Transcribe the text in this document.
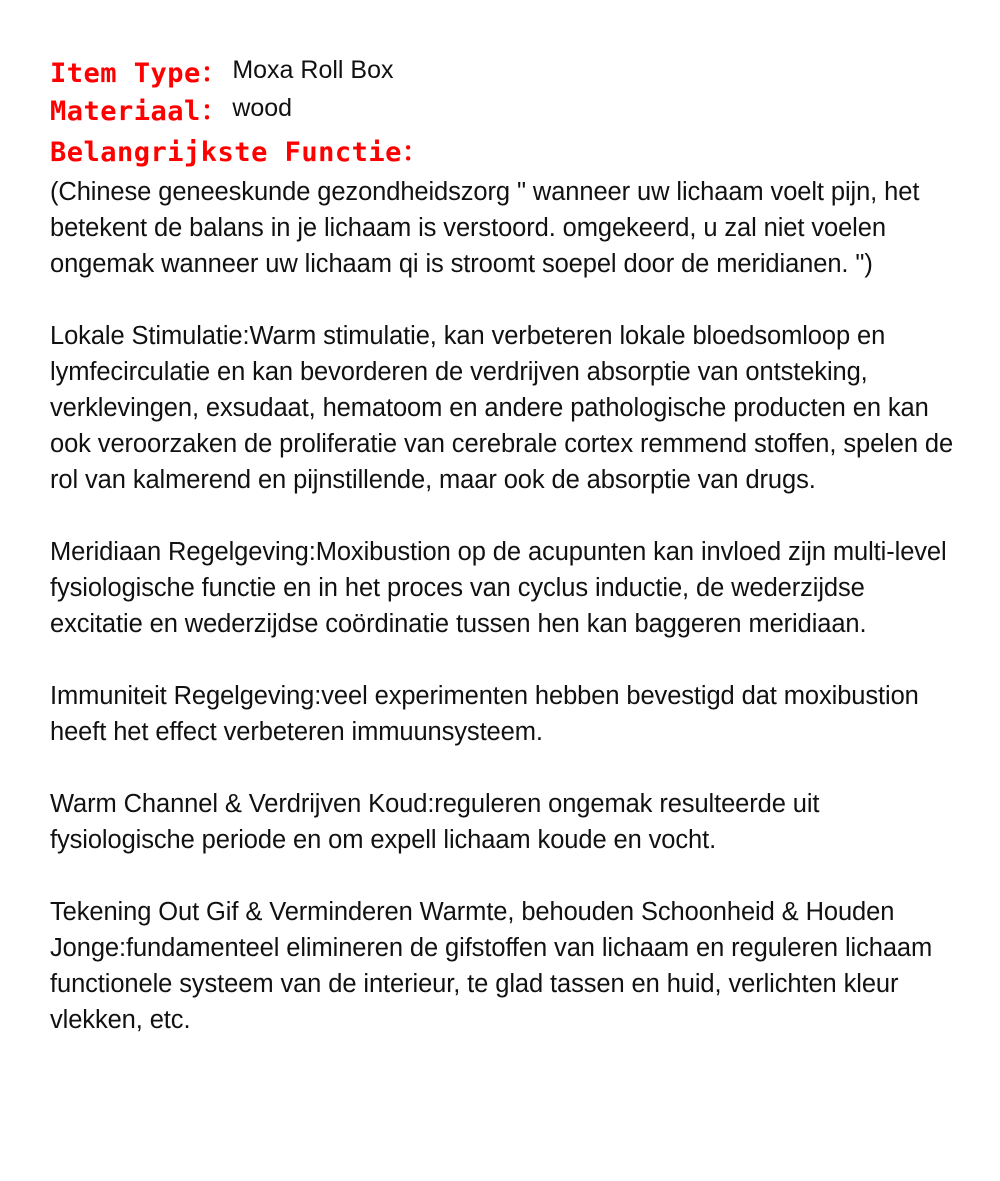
Item Type： Moxa Roll Box
Materiaal： wood
Belangrijkste Functie：

(Chinese geneeskunde gezondheidszorg " wanneer uw lichaam voelt pijn, het betekent de balans in je lichaam is verstoord. omgekeerd, u zal niet voelen ongemak wanneer uw lichaam qi is stroomt soepel door de meridianen. ")

Lokale Stimulatie:Warm stimulatie, kan verbeteren lokale bloedsomloop en lymfecirculatie en kan bevorderen de verdrijven absorptie van ontsteking, verklevingen, exsudaat, hematoom en andere pathologische producten en kan ook veroorzaken de proliferatie van cerebrale cortex remmend stoffen, spelen de rol van kalmerend en pijnstillende, maar ook de absorptie van drugs.

Meridiaan Regelgeving:Moxibustion op de acupunten kan invloed zijn multi-level fysiologische functie en in het proces van cyclus inductie, de wederzijdse excitatie en wederzijdse coördinatie tussen hen kan baggeren meridiaan.

Immuniteit Regelgeving:veel experimenten hebben bevestigd dat moxibustion heeft het effect verbeteren immuunsysteem.

Warm Channel & Verdrijven Koud:reguleren ongemak resulteerde uit fysiologische periode en om expell lichaam koude en vocht.

Tekening Out Gif & Verminderen Warmte, behouden Schoonheid & Houden Jonge:fundamenteel elimineren de gifstoffen van lichaam en reguleren lichaam functionele systeem van de interieur, te glad tassen en huid, verlichten kleur vlekken, etc.
